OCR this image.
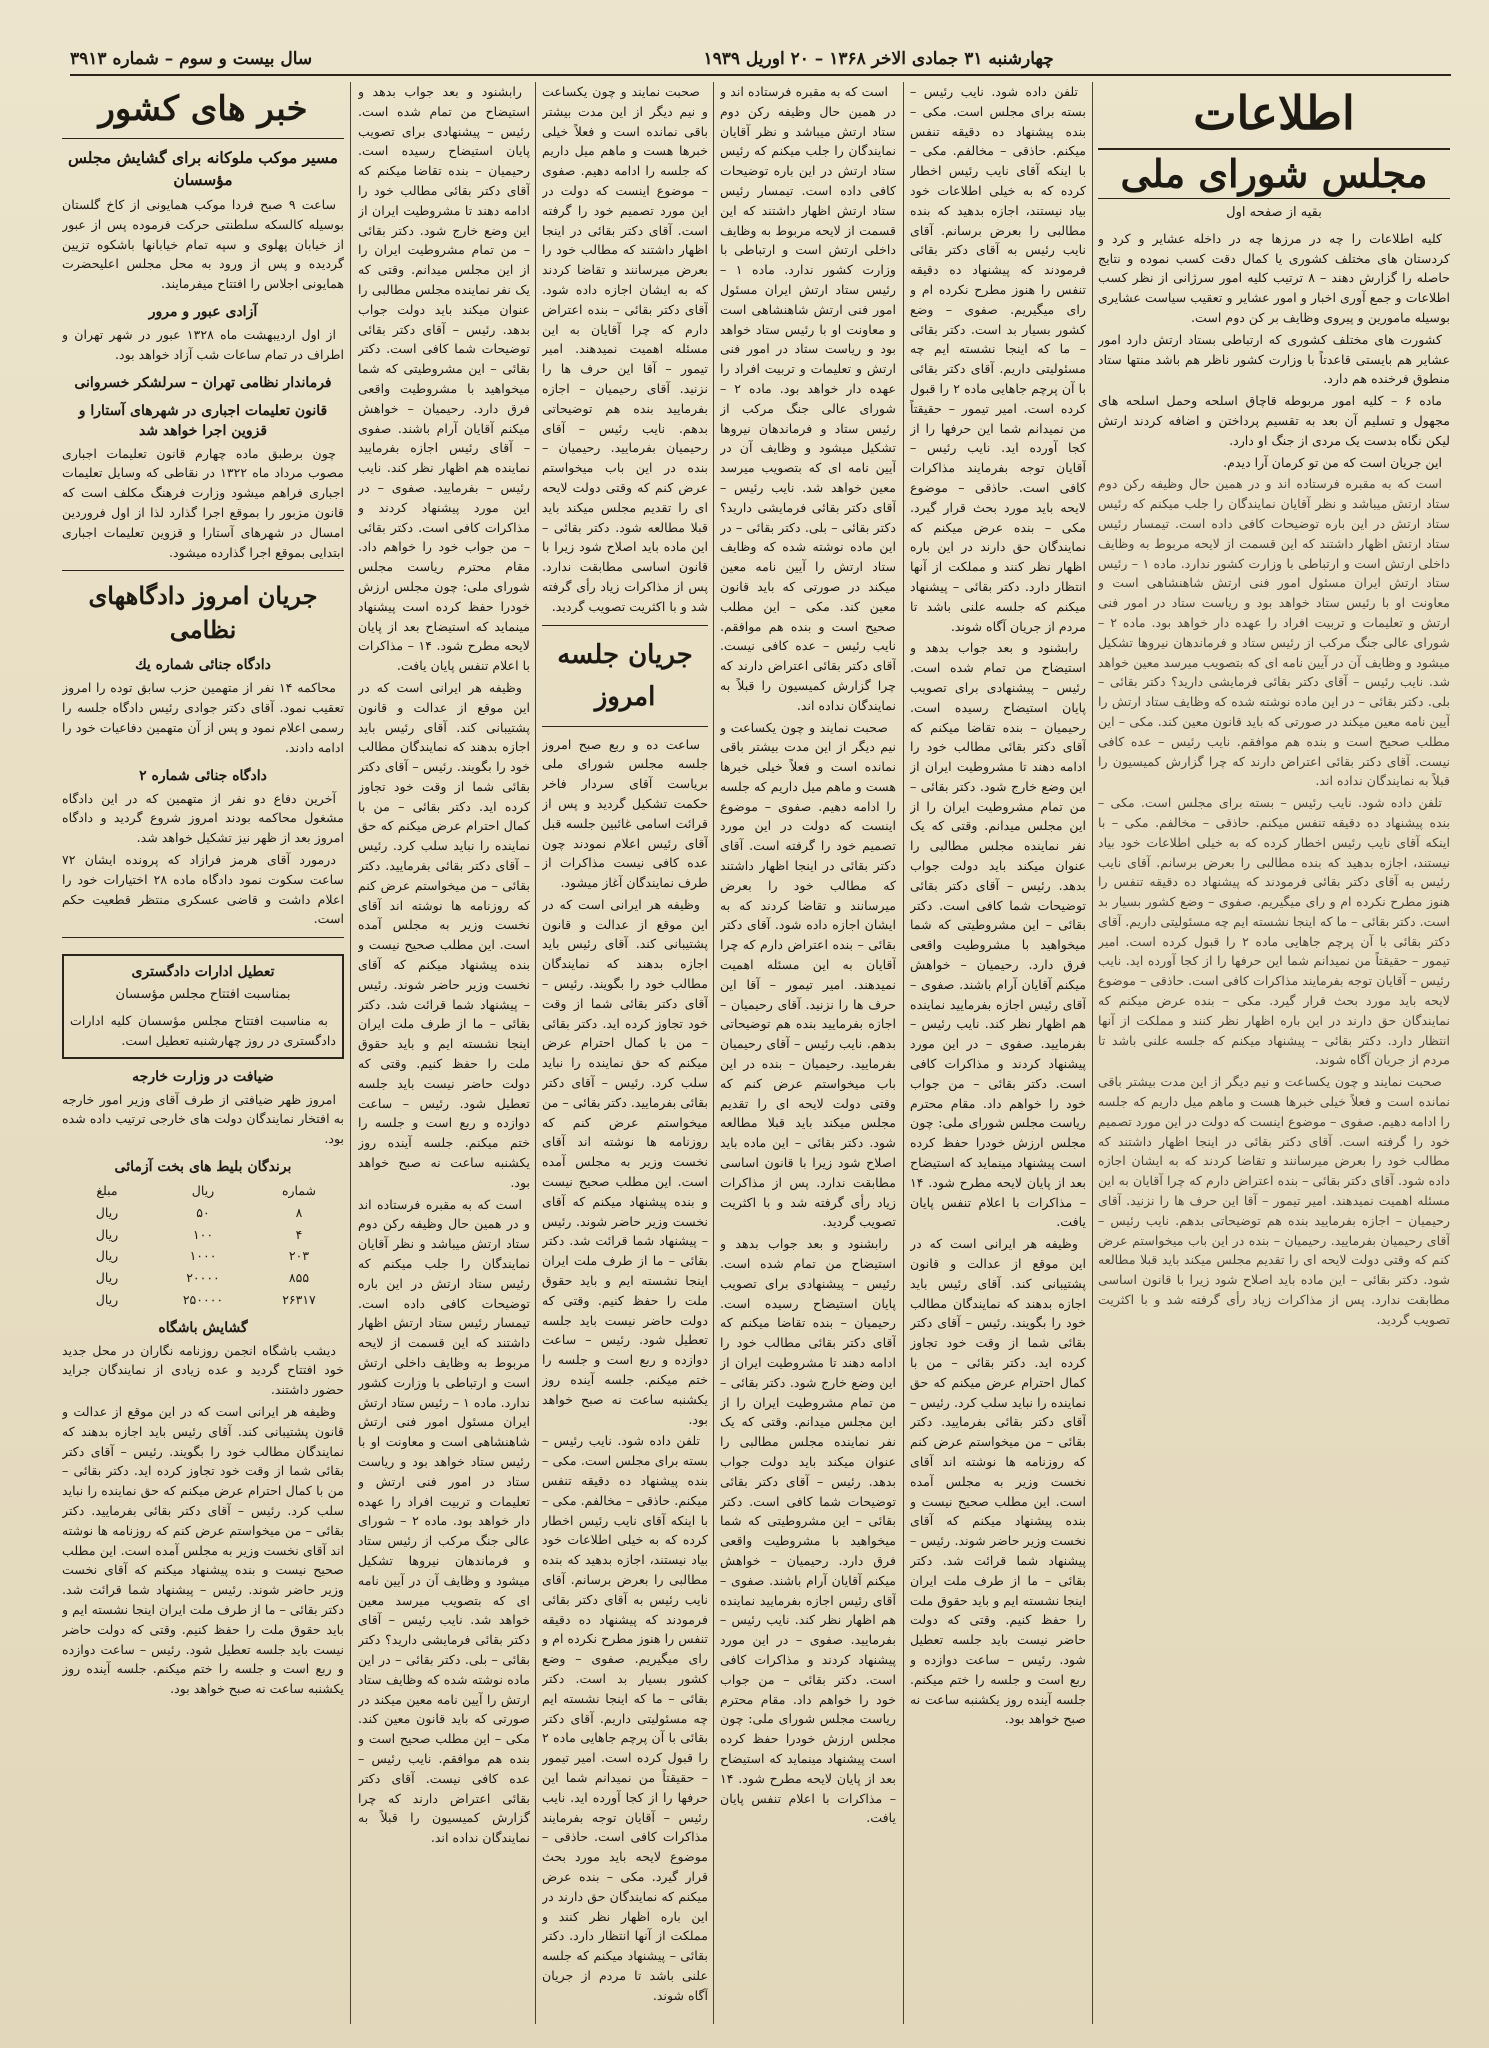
چهارشنبه ۳۱ جمادی الاخر ۱۳۶۸ – ۲۰ اوریل ۱۹۳۹
سال بیست و سوم – شماره ۳۹۱۳
اطلاعات
مجلس شورای ملی
بقیه از صفحه اول

کلیه اطلاعات را چه در مرزها چه در داخله عشایر و کرد و کردستان های مختلف کشوری یا کمال دقت کسب نموده و نتایج حاصله را گزارش دهند – ۸ ترتیب کلیه امور سرژانی از نظر کسب اطلاعات و جمع آوری اخبار و امور عشایر و تعقیب سیاست عشایری بوسیله مامورین و پیروی وظایف بر کن دوم است.

کشورت های مختلف کشوری که ارتباطی بستاد ارتش دارد امور عشایر هم بایستی قاعدتاً با وزارت کشور ناظر هم باشد منتها ستاد منطوق فرخنده هم دارد.

ماده ۶ – کلیه امور مربوطه قاچاق اسلحه وحمل اسلحه های مجهول و تسلیم آن بعد به تقسیم پرداختن و اضافه کردند ارتش لیکن نگاه بدست یک مردی از جنگ او دارد.

این جریان است که من تو کرمان آرا دیدم.

است که به مقبره فرستاده اند و در همین حال وظیفه رکن دوم ستاد ارتش میباشد و نظر آقایان نمایندگان را جلب میکنم که رئیس ستاد ارتش در این باره توضیحات کافی داده است. تیمسار رئیس ستاد ارتش اظهار داشتند که این قسمت از لایحه مربوط به وظایف داخلی ارتش است و ارتباطی با وزارت کشور ندارد. ماده ۱ – رئیس ستاد ارتش ایران مسئول امور فنی ارتش شاهنشاهی است و معاونت او با رئیس ستاد خواهد بود و ریاست ستاد در امور فنی ارتش و تعلیمات و تربیت افراد را عهده دار خواهد بود. ماده ۲ – شورای عالی جنگ مرکب از رئیس ستاد و فرماندهان نیروها تشکیل میشود و وظایف آن در آیین نامه ای که بتصویب میرسد معین خواهد شد. نایب رئیس – آقای دکتر بقائی فرمایشی دارید؟ دکتر بقائی – بلی. دکتر بقائی – در این ماده نوشته شده که وظایف ستاد ارتش را آیین نامه معین میکند در صورتی که باید قانون معین کند. مکی – این مطلب صحیح است و بنده هم موافقم. نایب رئیس – عده کافی نیست. آقای دکتر بقائی اعتراض دارند که چرا گزارش کمیسیون را قبلاً به نمایندگان نداده اند.

تلفن داده شود. نایب رئیس – بسته برای مجلس است. مکی – بنده پیشنهاد ده دقیقه تنفس میکنم. حاذقی – مخالفم. مکی – با اینکه آقای نایب رئیس اخطار کرده که به خیلی اطلاعات خود بیاد نیستند، اجازه بدهید که بنده مطالبی را بعرض برسانم. آقای نایب رئیس به آقای دکتر بقائی فرمودند که پیشنهاد ده دقیقه تنفس را هنوز مطرح نکرده ام و رای میگیریم. صفوی – وضع کشور بسیار بد است. دکتر بقائی – ما که اینجا نشسته ایم چه مسئولیتی داریم. آقای دکتر بقائی با آن پرچم جاهایی ماده ۲ را قبول کرده است. امیر تیمور – حقیقتاً من نمیدانم شما این حرفها را از کجا آورده اید. نایب رئیس – آقایان توجه بفرمایند مذاکرات کافی است. حاذقی – موضوع لایحه باید مورد بحث قرار گیرد. مکی – بنده عرض میکنم که نمایندگان حق دارند در این باره اظهار نظر کنند و مملکت از آنها انتظار دارد. دکتر بقائی – پیشنهاد میکنم که جلسه علنی باشد تا مردم از جریان آگاه شوند.

صحبت نمایند و چون یکساعت و نیم دیگر از این مدت بیشتر باقی نمانده است و فعلاً خیلی خبرها هست و ماهم میل داریم که جلسه را ادامه دهیم. صفوی – موضوع اینست که دولت در این مورد تصمیم خود را گرفته است. آقای دکتر بقائی در اینجا اظهار داشتند که مطالب خود را بعرض میرسانند و تقاضا کردند که به ایشان اجازه داده شود. آقای دکتر بقائی – بنده اعتراض دارم که چرا آقایان به این مسئله اهمیت نمیدهند. امیر تیمور – آقا این حرف ها را نزنید. آقای رحیمیان – اجازه بفرمایید بنده هم توضیحاتی بدهم. نایب رئیس – آقای رحیمیان بفرمایید. رحیمیان – بنده در این باب میخواستم عرض کنم که وقتی دولت لایحه ای را تقدیم مجلس میکند باید قبلا مطالعه شود. دکتر بقائی – این ماده باید اصلاح شود زیرا با قانون اساسی مطابقت ندارد. پس از مذاکرات زیاد رأی گرفته شد و با اکثریت تصویب گردید.

تلفن داده شود. نایب رئیس – بسته برای مجلس است. مکی – بنده پیشنهاد ده دقیقه تنفس میکنم. حاذقی – مخالفم. مکی – با اینکه آقای نایب رئیس اخطار کرده که به خیلی اطلاعات خود بیاد نیستند، اجازه بدهید که بنده مطالبی را بعرض برسانم. آقای نایب رئیس به آقای دکتر بقائی فرمودند که پیشنهاد ده دقیقه تنفس را هنوز مطرح نکرده ام و رای میگیریم. صفوی – وضع کشور بسیار بد است. دکتر بقائی – ما که اینجا نشسته ایم چه مسئولیتی داریم. آقای دکتر بقائی با آن پرچم جاهایی ماده ۲ را قبول کرده است. امیر تیمور – حقیقتاً من نمیدانم شما این حرفها را از کجا آورده اید. نایب رئیس – آقایان توجه بفرمایند مذاکرات کافی است. حاذقی – موضوع لایحه باید مورد بحث قرار گیرد. مکی – بنده عرض میکنم که نمایندگان حق دارند در این باره اظهار نظر کنند و مملکت از آنها انتظار دارد. دکتر بقائی – پیشنهاد میکنم که جلسه علنی باشد تا مردم از جریان آگاه شوند.

رابشنود و بعد جواب بدهد و استیضاح من تمام شده است. رئیس – پیشنهادی برای تصویب پایان استیضاح رسیده است. رحیمیان – بنده تقاضا میکنم که آقای دکتر بقائی مطالب خود را ادامه دهند تا مشروطیت ایران از این وضع خارج شود. دکتر بقائی – من تمام مشروطیت ایران را از این مجلس میدانم. وقتی که یک نفر نماینده مجلس مطالبی را عنوان میکند باید دولت جواب بدهد. رئیس – آقای دکتر بقائی توضیحات شما کافی است. دکتر بقائی – این مشروطیتی که شما میخواهید با مشروطیت واقعی فرق دارد. رحیمیان – خواهش میکنم آقایان آرام باشند. صفوی – آقای رئیس اجازه بفرمایید نماینده هم اظهار نظر کند. نایب رئیس – بفرمایید. صفوی – در این مورد پیشنهاد کردند و مذاکرات کافی است. دکتر بقائی – من جواب خود را خواهم داد. مقام محترم ریاست مجلس شورای ملی: چون مجلس ارزش خودرا حفظ کرده است پیشنهاد مینماید که استیضاح بعد از پایان لایحه مطرح شود. ۱۴ – مذاکرات با اعلام تنفس پایان یافت.

وظیفه هر ایرانی است که در این موقع از عدالت و قانون پشتیبانی کند. آقای رئیس باید اجازه بدهند که نمایندگان مطالب خود را بگویند. رئیس – آقای دکتر بقائی شما از وقت خود تجاوز کرده اید. دکتر بقائی – من با کمال احترام عرض میکنم که حق نماینده را نباید سلب کرد. رئیس – آقای دکتر بقائی بفرمایید. دکتر بقائی – من میخواستم عرض کنم که روزنامه ها نوشته اند آقای نخست وزیر به مجلس آمده است. این مطلب صحیح نیست و بنده پیشنهاد میکنم که آقای نخست وزیر حاضر شوند. رئیس – پیشنهاد شما قرائت شد. دکتر بقائی – ما از طرف ملت ایران اینجا نشسته ایم و باید حقوق ملت را حفظ کنیم. وقتی که دولت حاضر نیست باید جلسه تعطیل شود. رئیس – ساعت دوازده و ربع است و جلسه را ختم میکنم. جلسه آینده روز یکشنبه ساعت نه صبح خواهد بود.

است که به مقبره فرستاده اند و در همین حال وظیفه رکن دوم ستاد ارتش میباشد و نظر آقایان نمایندگان را جلب میکنم که رئیس ستاد ارتش در این باره توضیحات کافی داده است. تیمسار رئیس ستاد ارتش اظهار داشتند که این قسمت از لایحه مربوط به وظایف داخلی ارتش است و ارتباطی با وزارت کشور ندارد. ماده ۱ – رئیس ستاد ارتش ایران مسئول امور فنی ارتش شاهنشاهی است و معاونت او با رئیس ستاد خواهد بود و ریاست ستاد در امور فنی ارتش و تعلیمات و تربیت افراد را عهده دار خواهد بود. ماده ۲ – شورای عالی جنگ مرکب از رئیس ستاد و فرماندهان نیروها تشکیل میشود و وظایف آن در آیین نامه ای که بتصویب میرسد معین خواهد شد. نایب رئیس – آقای دکتر بقائی فرمایشی دارید؟ دکتر بقائی – بلی. دکتر بقائی – در این ماده نوشته شده که وظایف ستاد ارتش را آیین نامه معین میکند در صورتی که باید قانون معین کند. مکی – این مطلب صحیح است و بنده هم موافقم. نایب رئیس – عده کافی نیست. آقای دکتر بقائی اعتراض دارند که چرا گزارش کمیسیون را قبلاً به نمایندگان نداده اند.

صحبت نمایند و چون یکساعت و نیم دیگر از این مدت بیشتر باقی نمانده است و فعلاً خیلی خبرها هست و ماهم میل داریم که جلسه را ادامه دهیم. صفوی – موضوع اینست که دولت در این مورد تصمیم خود را گرفته است. آقای دکتر بقائی در اینجا اظهار داشتند که مطالب خود را بعرض میرسانند و تقاضا کردند که به ایشان اجازه داده شود. آقای دکتر بقائی – بنده اعتراض دارم که چرا آقایان به این مسئله اهمیت نمیدهند. امیر تیمور – آقا این حرف ها را نزنید. آقای رحیمیان – اجازه بفرمایید بنده هم توضیحاتی بدهم. نایب رئیس – آقای رحیمیان بفرمایید. رحیمیان – بنده در این باب میخواستم عرض کنم که وقتی دولت لایحه ای را تقدیم مجلس میکند باید قبلا مطالعه شود. دکتر بقائی – این ماده باید اصلاح شود زیرا با قانون اساسی مطابقت ندارد. پس از مذاکرات زیاد رأی گرفته شد و با اکثریت تصویب گردید.

رابشنود و بعد جواب بدهد و استیضاح من تمام شده است. رئیس – پیشنهادی برای تصویب پایان استیضاح رسیده است. رحیمیان – بنده تقاضا میکنم که آقای دکتر بقائی مطالب خود را ادامه دهند تا مشروطیت ایران از این وضع خارج شود. دکتر بقائی – من تمام مشروطیت ایران را از این مجلس میدانم. وقتی که یک نفر نماینده مجلس مطالبی را عنوان میکند باید دولت جواب بدهد. رئیس – آقای دکتر بقائی توضیحات شما کافی است. دکتر بقائی – این مشروطیتی که شما میخواهید با مشروطیت واقعی فرق دارد. رحیمیان – خواهش میکنم آقایان آرام باشند. صفوی – آقای رئیس اجازه بفرمایید نماینده هم اظهار نظر کند. نایب رئیس – بفرمایید. صفوی – در این مورد پیشنهاد کردند و مذاکرات کافی است. دکتر بقائی – من جواب خود را خواهم داد. مقام محترم ریاست مجلس شورای ملی: چون مجلس ارزش خودرا حفظ کرده است پیشنهاد مینماید که استیضاح بعد از پایان لایحه مطرح شود. ۱۴ – مذاکرات با اعلام تنفس پایان یافت.

صحبت نمایند و چون یکساعت و نیم دیگر از این مدت بیشتر باقی نمانده است و فعلاً خیلی خبرها هست و ماهم میل داریم که جلسه را ادامه دهیم. صفوی – موضوع اینست که دولت در این مورد تصمیم خود را گرفته است. آقای دکتر بقائی در اینجا اظهار داشتند که مطالب خود را بعرض میرسانند و تقاضا کردند که به ایشان اجازه داده شود. آقای دکتر بقائی – بنده اعتراض دارم که چرا آقایان به این مسئله اهمیت نمیدهند. امیر تیمور – آقا این حرف ها را نزنید. آقای رحیمیان – اجازه بفرمایید بنده هم توضیحاتی بدهم. نایب رئیس – آقای رحیمیان بفرمایید. رحیمیان – بنده در این باب میخواستم عرض کنم که وقتی دولت لایحه ای را تقدیم مجلس میکند باید قبلا مطالعه شود. دکتر بقائی – این ماده باید اصلاح شود زیرا با قانون اساسی مطابقت ندارد. پس از مذاکرات زیاد رأی گرفته شد و با اکثریت تصویب گردید.

جریان جلسه امروز

ساعت ده و ربع صبح امروز جلسه مجلس شورای ملی بریاست آقای سردار فاخر حکمت تشکیل گردید و پس از قرائت اسامی غائبین جلسه قبل آقای رئیس اعلام نمودند چون عده کافی نیست مذاکرات از طرف نمایندگان آغاز میشود.

وظیفه هر ایرانی است که در این موقع از عدالت و قانون پشتیبانی کند. آقای رئیس باید اجازه بدهند که نمایندگان مطالب خود را بگویند. رئیس – آقای دکتر بقائی شما از وقت خود تجاوز کرده اید. دکتر بقائی – من با کمال احترام عرض میکنم که حق نماینده را نباید سلب کرد. رئیس – آقای دکتر بقائی بفرمایید. دکتر بقائی – من میخواستم عرض کنم که روزنامه ها نوشته اند آقای نخست وزیر به مجلس آمده است. این مطلب صحیح نیست و بنده پیشنهاد میکنم که آقای نخست وزیر حاضر شوند. رئیس – پیشنهاد شما قرائت شد. دکتر بقائی – ما از طرف ملت ایران اینجا نشسته ایم و باید حقوق ملت را حفظ کنیم. وقتی که دولت حاضر نیست باید جلسه تعطیل شود. رئیس – ساعت دوازده و ربع است و جلسه را ختم میکنم. جلسه آینده روز یکشنبه ساعت نه صبح خواهد بود.

تلفن داده شود. نایب رئیس – بسته برای مجلس است. مکی – بنده پیشنهاد ده دقیقه تنفس میکنم. حاذقی – مخالفم. مکی – با اینکه آقای نایب رئیس اخطار کرده که به خیلی اطلاعات خود بیاد نیستند، اجازه بدهید که بنده مطالبی را بعرض برسانم. آقای نایب رئیس به آقای دکتر بقائی فرمودند که پیشنهاد ده دقیقه تنفس را هنوز مطرح نکرده ام و رای میگیریم. صفوی – وضع کشور بسیار بد است. دکتر بقائی – ما که اینجا نشسته ایم چه مسئولیتی داریم. آقای دکتر بقائی با آن پرچم جاهایی ماده ۲ را قبول کرده است. امیر تیمور – حقیقتاً من نمیدانم شما این حرفها را از کجا آورده اید. نایب رئیس – آقایان توجه بفرمایند مذاکرات کافی است. حاذقی – موضوع لایحه باید مورد بحث قرار گیرد. مکی – بنده عرض میکنم که نمایندگان حق دارند در این باره اظهار نظر کنند و مملکت از آنها انتظار دارد. دکتر بقائی – پیشنهاد میکنم که جلسه علنی باشد تا مردم از جریان آگاه شوند.

رابشنود و بعد جواب بدهد و استیضاح من تمام شده است. رئیس – پیشنهادی برای تصویب پایان استیضاح رسیده است. رحیمیان – بنده تقاضا میکنم که آقای دکتر بقائی مطالب خود را ادامه دهند تا مشروطیت ایران از این وضع خارج شود. دکتر بقائی – من تمام مشروطیت ایران را از این مجلس میدانم. وقتی که یک نفر نماینده مجلس مطالبی را عنوان میکند باید دولت جواب بدهد. رئیس – آقای دکتر بقائی توضیحات شما کافی است. دکتر بقائی – این مشروطیتی که شما میخواهید با مشروطیت واقعی فرق دارد. رحیمیان – خواهش میکنم آقایان آرام باشند. صفوی – آقای رئیس اجازه بفرمایید نماینده هم اظهار نظر کند. نایب رئیس – بفرمایید. صفوی – در این مورد پیشنهاد کردند و مذاکرات کافی است. دکتر بقائی – من جواب خود را خواهم داد. مقام محترم ریاست مجلس شورای ملی: چون مجلس ارزش خودرا حفظ کرده است پیشنهاد مینماید که استیضاح بعد از پایان لایحه مطرح شود. ۱۴ – مذاکرات با اعلام تنفس پایان یافت.

وظیفه هر ایرانی است که در این موقع از عدالت و قانون پشتیبانی کند. آقای رئیس باید اجازه بدهند که نمایندگان مطالب خود را بگویند. رئیس – آقای دکتر بقائی شما از وقت خود تجاوز کرده اید. دکتر بقائی – من با کمال احترام عرض میکنم که حق نماینده را نباید سلب کرد. رئیس – آقای دکتر بقائی بفرمایید. دکتر بقائی – من میخواستم عرض کنم که روزنامه ها نوشته اند آقای نخست وزیر به مجلس آمده است. این مطلب صحیح نیست و بنده پیشنهاد میکنم که آقای نخست وزیر حاضر شوند. رئیس – پیشنهاد شما قرائت شد. دکتر بقائی – ما از طرف ملت ایران اینجا نشسته ایم و باید حقوق ملت را حفظ کنیم. وقتی که دولت حاضر نیست باید جلسه تعطیل شود. رئیس – ساعت دوازده و ربع است و جلسه را ختم میکنم. جلسه آینده روز یکشنبه ساعت نه صبح خواهد بود.

است که به مقبره فرستاده اند و در همین حال وظیفه رکن دوم ستاد ارتش میباشد و نظر آقایان نمایندگان را جلب میکنم که رئیس ستاد ارتش در این باره توضیحات کافی داده است. تیمسار رئیس ستاد ارتش اظهار داشتند که این قسمت از لایحه مربوط به وظایف داخلی ارتش است و ارتباطی با وزارت کشور ندارد. ماده ۱ – رئیس ستاد ارتش ایران مسئول امور فنی ارتش شاهنشاهی است و معاونت او با رئیس ستاد خواهد بود و ریاست ستاد در امور فنی ارتش و تعلیمات و تربیت افراد را عهده دار خواهد بود. ماده ۲ – شورای عالی جنگ مرکب از رئیس ستاد و فرماندهان نیروها تشکیل میشود و وظایف آن در آیین نامه ای که بتصویب میرسد معین خواهد شد. نایب رئیس – آقای دکتر بقائی فرمایشی دارید؟ دکتر بقائی – بلی. دکتر بقائی – در این ماده نوشته شده که وظایف ستاد ارتش را آیین نامه معین میکند در صورتی که باید قانون معین کند. مکی – این مطلب صحیح است و بنده هم موافقم. نایب رئیس – عده کافی نیست. آقای دکتر بقائی اعتراض دارند که چرا گزارش کمیسیون را قبلاً به نمایندگان نداده اند.

خبر های کشور
مسیر موکب ملوکانه برای گشایش مجلس مؤسسان

ساعت ۹ صبح فردا موکب همایونی از کاخ گلستان بوسیله کالسکه سلطنتی حرکت فرموده پس از عبور از خیابان پهلوی و سپه تمام خیابانها باشکوه تزیین گردیده و پس از ورود به محل مجلس اعلیحضرت همایونی اجلاس را افتتاح میفرمایند.

آزادی عبور و مرور

از اول اردیبهشت ماه ۱۳۲۸ عبور در شهر تهران و اطراف در تمام ساعات شب آزاد خواهد بود.

فرماندار نظامی تهران – سرلشکر خسروانی
قانون تعلیمات اجباری در شهرهای آستارا و قزوین اجرا خواهد شد

چون برطبق ماده چهارم قانون تعلیمات اجباری مصوب مرداد ماه ۱۳۲۲ در نقاطی که وسایل تعلیمات اجباری فراهم میشود وزارت فرهنگ مکلف است که قانون مزبور را بموقع اجرا گذارد لذا از اول فروردین امسال در شهرهای آستارا و قزوین تعلیمات اجباری ابتدایی بموقع اجرا گذارده میشود.

جریان امروز دادگاههای نظامی
دادگاه جنائی شماره یك

محاکمه ۱۴ نفر از متهمین حزب سابق توده را امروز تعقیب نمود. آقای دکتر جوادی رئیس دادگاه جلسه را رسمی اعلام نمود و پس از آن متهمین دفاعیات خود را ادامه دادند.

دادگاه جنائی شماره ۲

آخرین دفاع دو نفر از متهمین که در این دادگاه مشغول محاکمه بودند امروز شروع گردید و دادگاه امروز بعد از ظهر نیز تشکیل خواهد شد.

درمورد آقای هرمز فرازاد که پرونده ایشان ۷۲ ساعت سکوت نمود دادگاه ماده ۲۸ اختیارات خود را اعلام داشت و قاضی عسکری منتظر قطعیت حکم است.

تعطیل ادارات دادگستری
بمناسبت افتتاح مجلس مؤسسان

به مناسبت افتتاح مجلس مؤسسان کلیه ادارات دادگستری در روز چهارشنبه تعطیل است.

ضیافت در وزارت خارجه

امروز ظهر ضیافتی از طرف آقای وزیر امور خارجه به افتخار نمایندگان دولت های خارجی ترتیب داده شده بود.

برندگان بلیط های بخت آزمائی
شماره
ریال
مبلغ
۸
۵۰
ریال
۴
۱۰۰
ریال
۲۰۳
۱۰۰۰
ریال
۸۵۵
۲۰۰۰۰
ریال
۲۶۳۱۷
۲۵۰۰۰۰
ریال
گشایش باشگاه

دیشب باشگاه انجمن روزنامه نگاران در محل جدید خود افتتاح گردید و عده زیادی از نمایندگان جراید حضور داشتند.

وظیفه هر ایرانی است که در این موقع از عدالت و قانون پشتیبانی کند. آقای رئیس باید اجازه بدهند که نمایندگان مطالب خود را بگویند. رئیس – آقای دکتر بقائی شما از وقت خود تجاوز کرده اید. دکتر بقائی – من با کمال احترام عرض میکنم که حق نماینده را نباید سلب کرد. رئیس – آقای دکتر بقائی بفرمایید. دکتر بقائی – من میخواستم عرض کنم که روزنامه ها نوشته اند آقای نخست وزیر به مجلس آمده است. این مطلب صحیح نیست و بنده پیشنهاد میکنم که آقای نخست وزیر حاضر شوند. رئیس – پیشنهاد شما قرائت شد. دکتر بقائی – ما از طرف ملت ایران اینجا نشسته ایم و باید حقوق ملت را حفظ کنیم. وقتی که دولت حاضر نیست باید جلسه تعطیل شود. رئیس – ساعت دوازده و ربع است و جلسه را ختم میکنم. جلسه آینده روز یکشنبه ساعت نه صبح خواهد بود.
